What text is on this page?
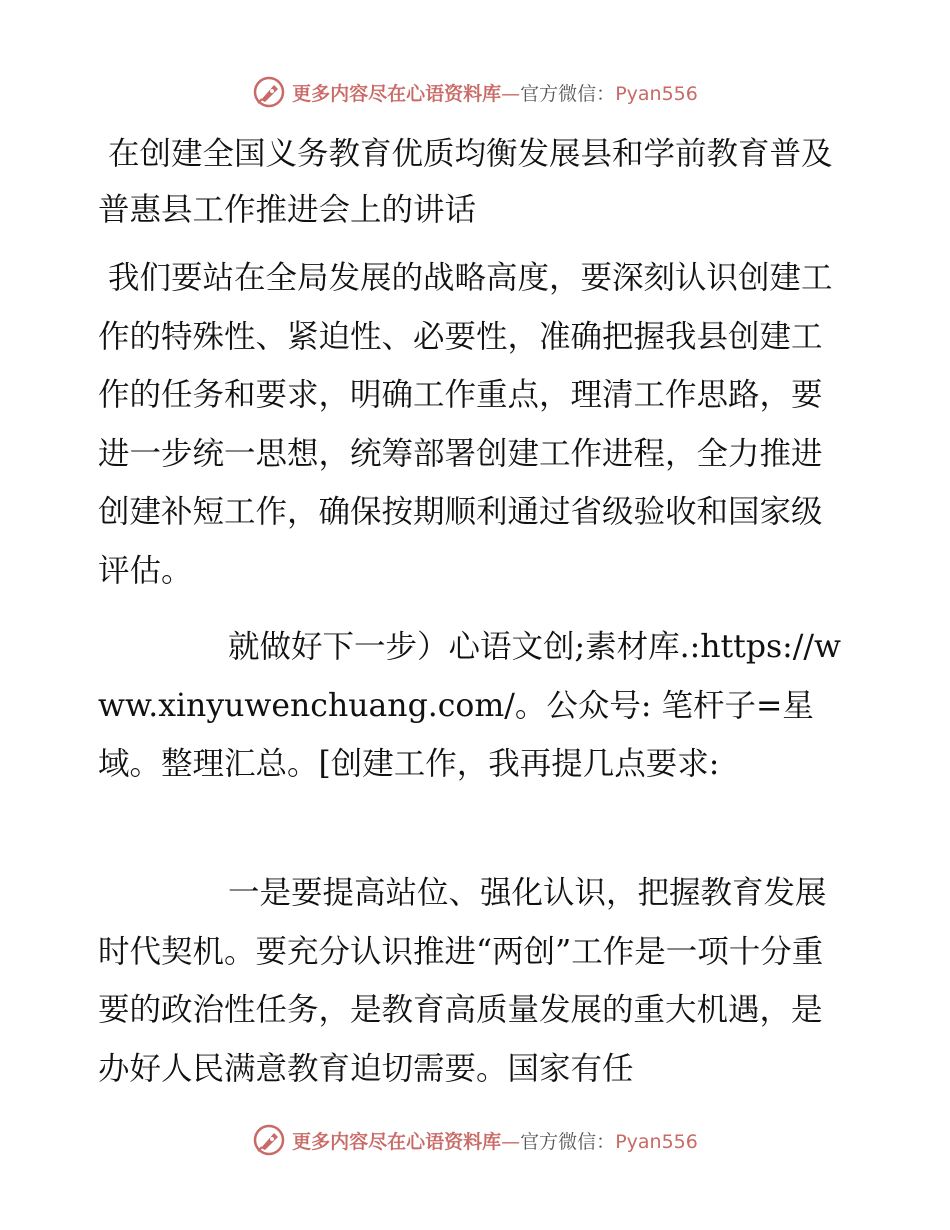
更多内容尽在心语资料库—官方微信：Pyan556
在创建全国义务教育优质均衡发展县和学前教育普及普惠县工作推进会上的讲话

我们要站在全局发展的战略高度，要深刻认识创建工作的特殊性、紧迫性、必要性，准确把握我县创建工作的任务和要求，明确工作重点，理清工作思路，要进一步统一思想，统筹部署创建工作进程，全力推进创建补短工作，确保按期顺利通过省级验收和国家级评估。

就做好下一步）心语文创;素材库.:https://www.xinyuwenchuang.com/。公众号: 笔杆子=星域。整理汇总。[创建工作，我再提几点要求:

一是要提高站位、强化认识，把握教育发展时代契机。要充分认识推进“两创”工作是一项十分重要的政治性任务，是教育高质量发展的重大机遇，是办好人民满意教育迫切需要。国家有任

更多内容尽在心语资料库—官方微信：Pyan556
